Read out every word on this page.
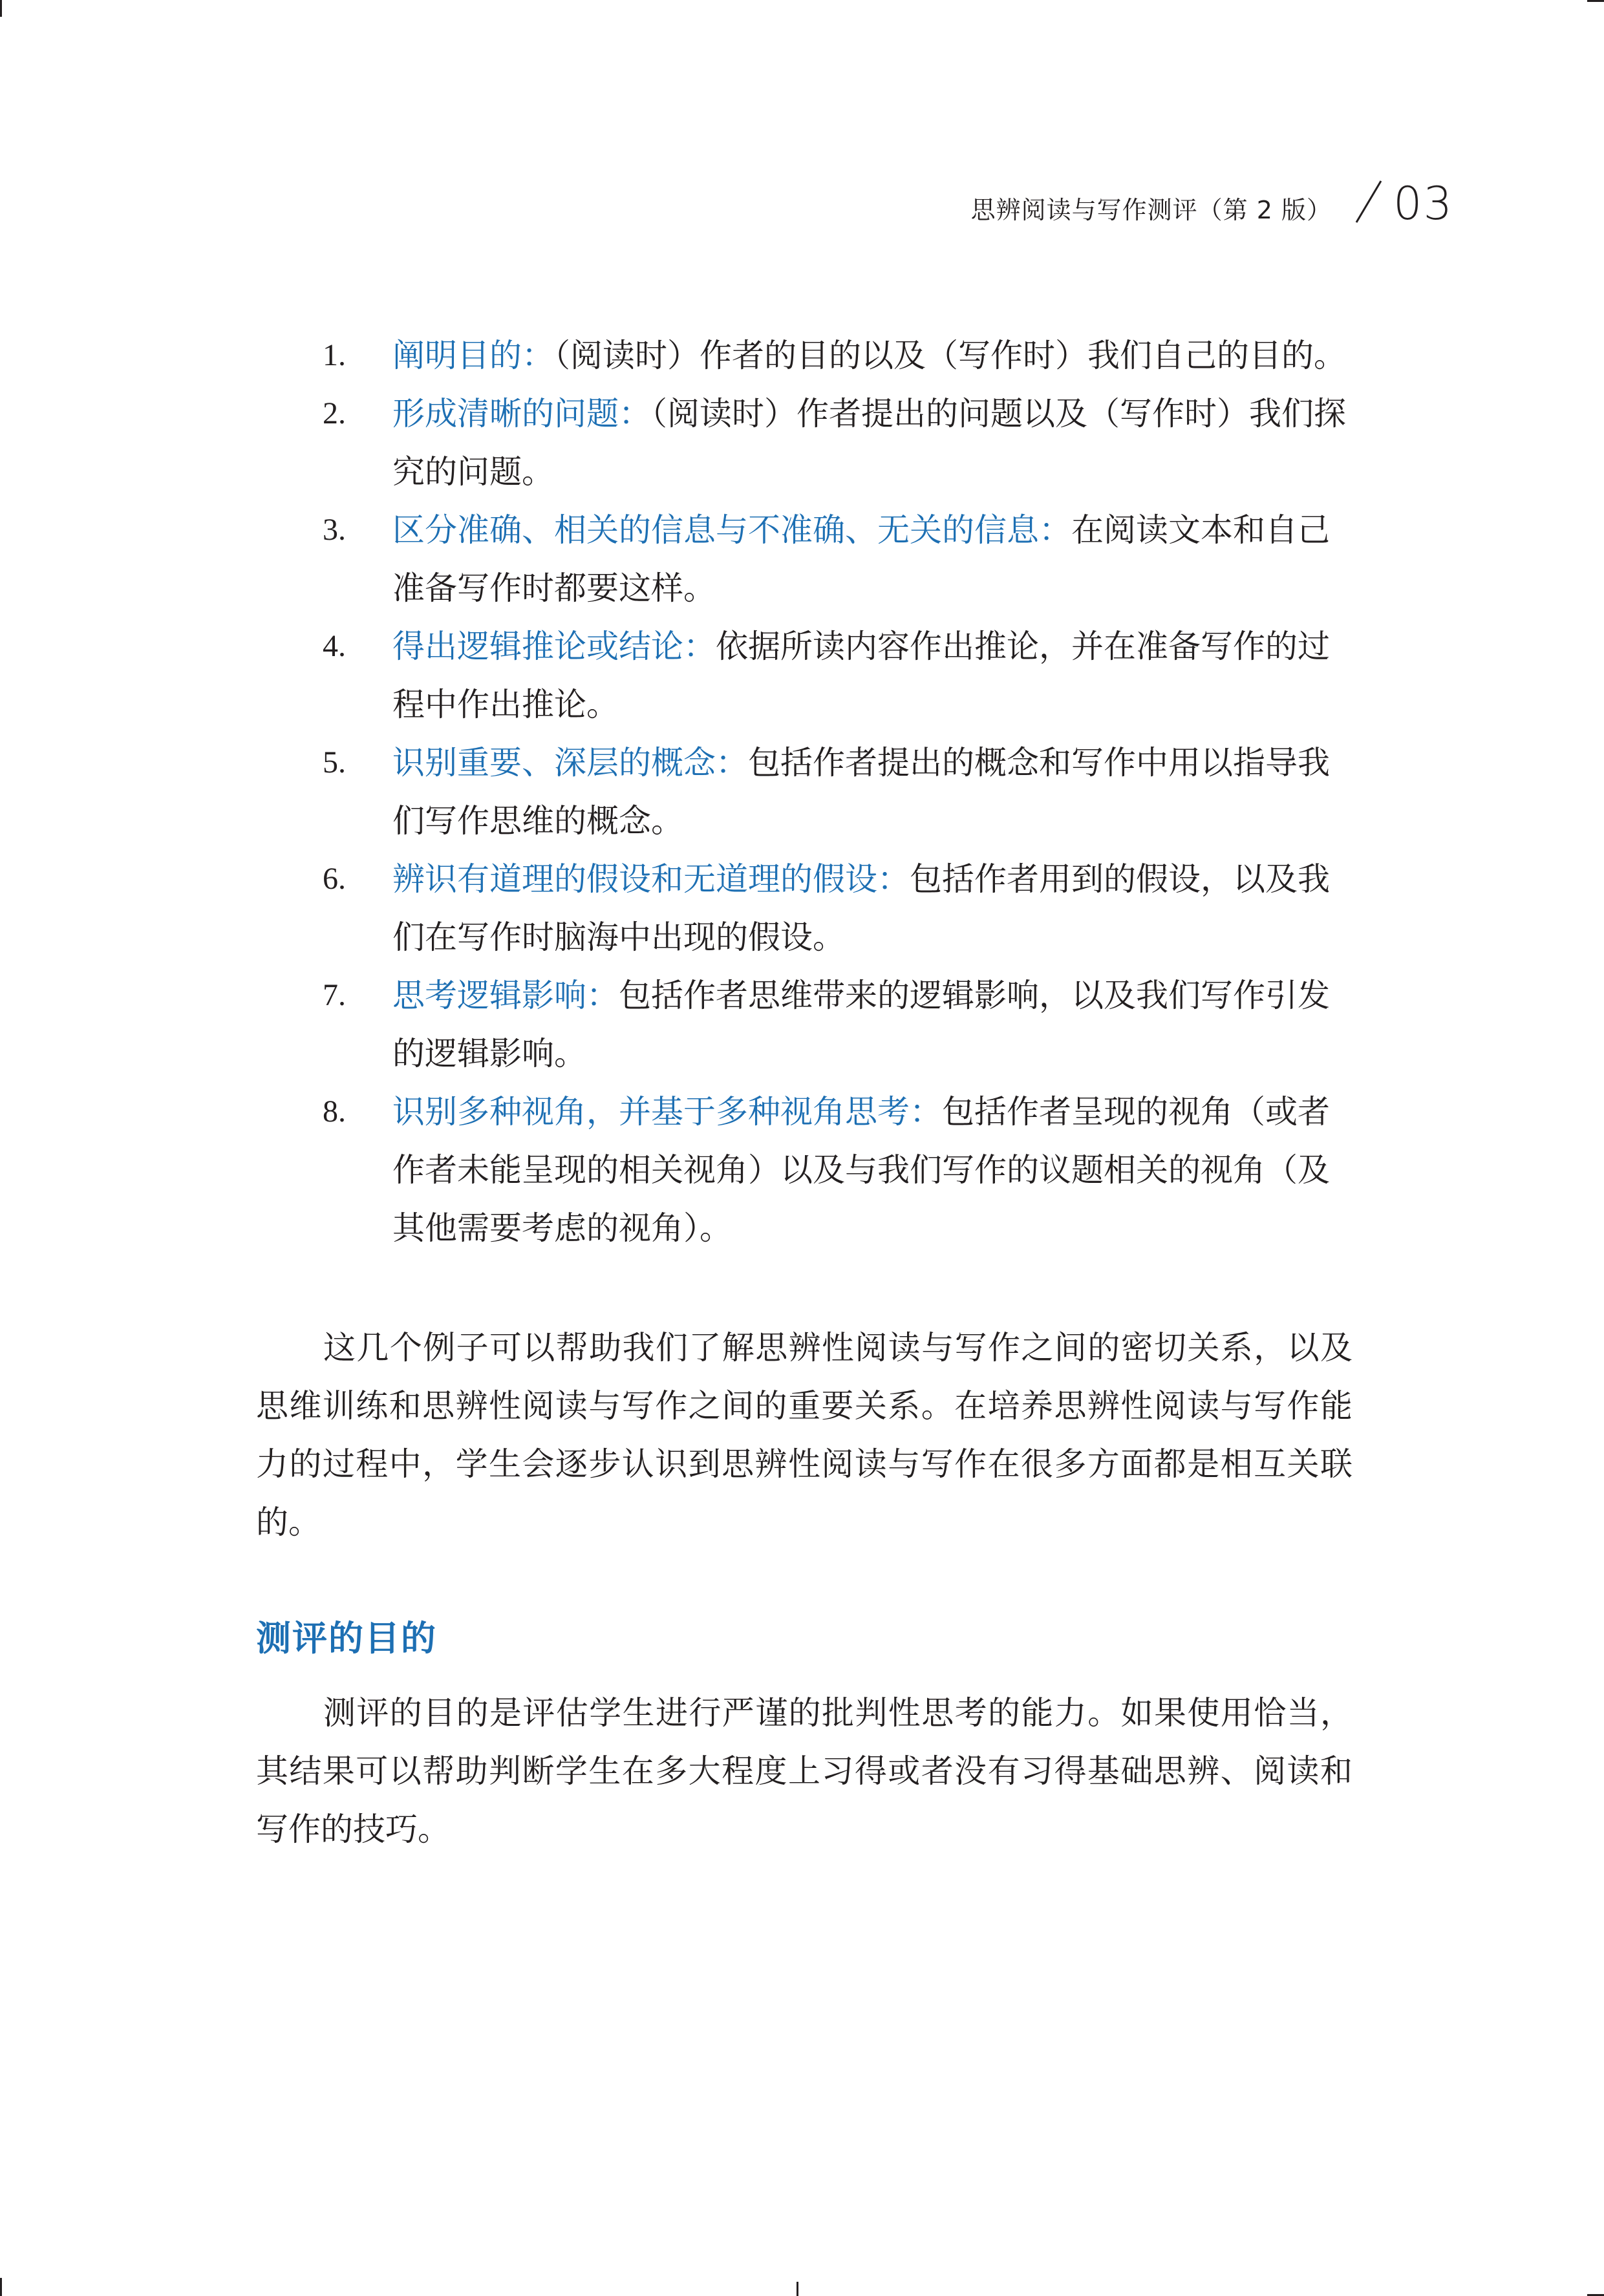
思辨阅读与写作测评（第 2 版） 03
1.	阐明目的：（阅读时）作者的目的以及（写作时）我们自己的目的。
2.	形成清晰的问题：（阅读时）作者提出的问题以及（写作时）我们探究的问题。
3.	区分准确、相关的信息与不准确、无关的信息：在阅读文本和自己准备写作时都要这样。
4.	得出逻辑推论或结论：依据所读内容作出推论，并在准备写作的过程中作出推论。
5.	识别重要、深层的概念：包括作者提出的概念和写作中用以指导我们写作思维的概念。
6.	辨识有道理的假设和无道理的假设：包括作者用到的假设，以及我们在写作时脑海中出现的假设。
7.	思考逻辑影响：包括作者思维带来的逻辑影响，以及我们写作引发的逻辑影响。
8.	识别多种视角，并基于多种视角思考：包括作者呈现的视角（或者作者未能呈现的相关视角）以及与我们写作的议题相关的视角（及其他需要考虑的视角）。

这几个例子可以帮助我们了解思辨性阅读与写作之间的密切关系，以及思维训练和思辨性阅读与写作之间的重要关系。在培养思辨性阅读与写作能力的过程中，学生会逐步认识到思辨性阅读与写作在很多方面都是相互关联的。

测评的目的

测评的目的是评估学生进行严谨的批判性思考的能力。如果使用恰当，其结果可以帮助判断学生在多大程度上习得或者没有习得基础思辨、阅读和写作的技巧。
